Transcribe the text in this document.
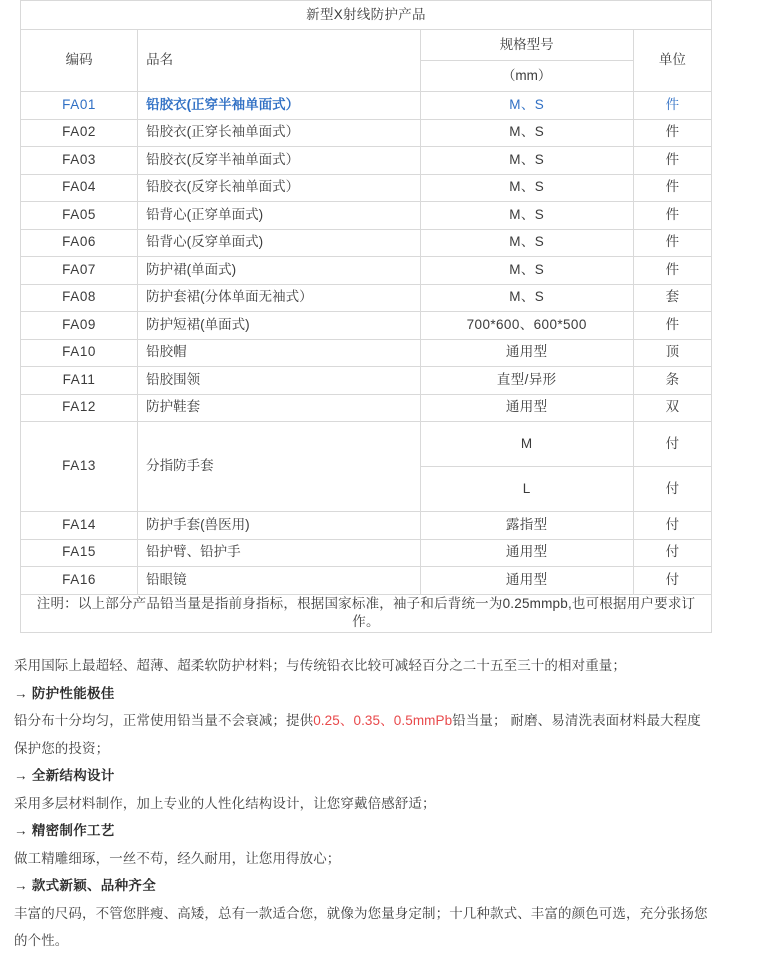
新型X射线防护产品			
编码	品名	规格型号	单位
		（mm）	
FA01	铅胶衣(正穿半袖单面式）	M、S	件
FA02	铅胶衣(正穿长袖单面式）	M、S	件
FA03	铅胶衣(反穿半袖单面式）	M、S	件
FA04	铅胶衣(反穿长袖单面式）	M、S	件
FA05	铅背心(正穿单面式)	M、S	件
FA06	铅背心(反穿单面式)	M、S	件
FA07	防护裙(单面式)	M、S	件
FA08	防护套裙(分体单面无袖式）	M、S	套
FA09	防护短裙(单面式)	700*600、600*500	件
FA10	铅胶帽	通用型	顶
FA11	铅胶围领	直型/异形	条
FA12	防护鞋套	通用型	双
FA13	分指防手套	M	付
		L	付
FA14	防护手套(兽医用)	露指型	付
FA15	铅护臂、铅护手	通用型	付
FA16	铅眼镜	通用型	付
注明：以上部分产品铅当量是指前身指标，根据国家标准，袖子和后背统一为0.25mmpb,也可根据用户要求订作。			

采用国际上最超轻、超薄、超柔软防护材料；与传统铅衣比较可减轻百分之二十五至三十的相对重量；

→ 防护性能极佳

铅分布十分均匀，正常使用铅当量不会衰减；提供0.25、0.35、0.5mmPb铅当量； 耐磨、易清洗表面材料最大程度保护您的投资；

→ 全新结构设计

采用多层材料制作，加上专业的人性化结构设计，让您穿戴倍感舒适；

→ 精密制作工艺

做工精雕细琢，一丝不苟，经久耐用，让您用得放心；

→ 款式新颖、品种齐全

丰富的尺码，不管您胖瘦、高矮，总有一款适合您，就像为您量身定制；十几种款式、丰富的颜色可选，充分张扬您的个性。
